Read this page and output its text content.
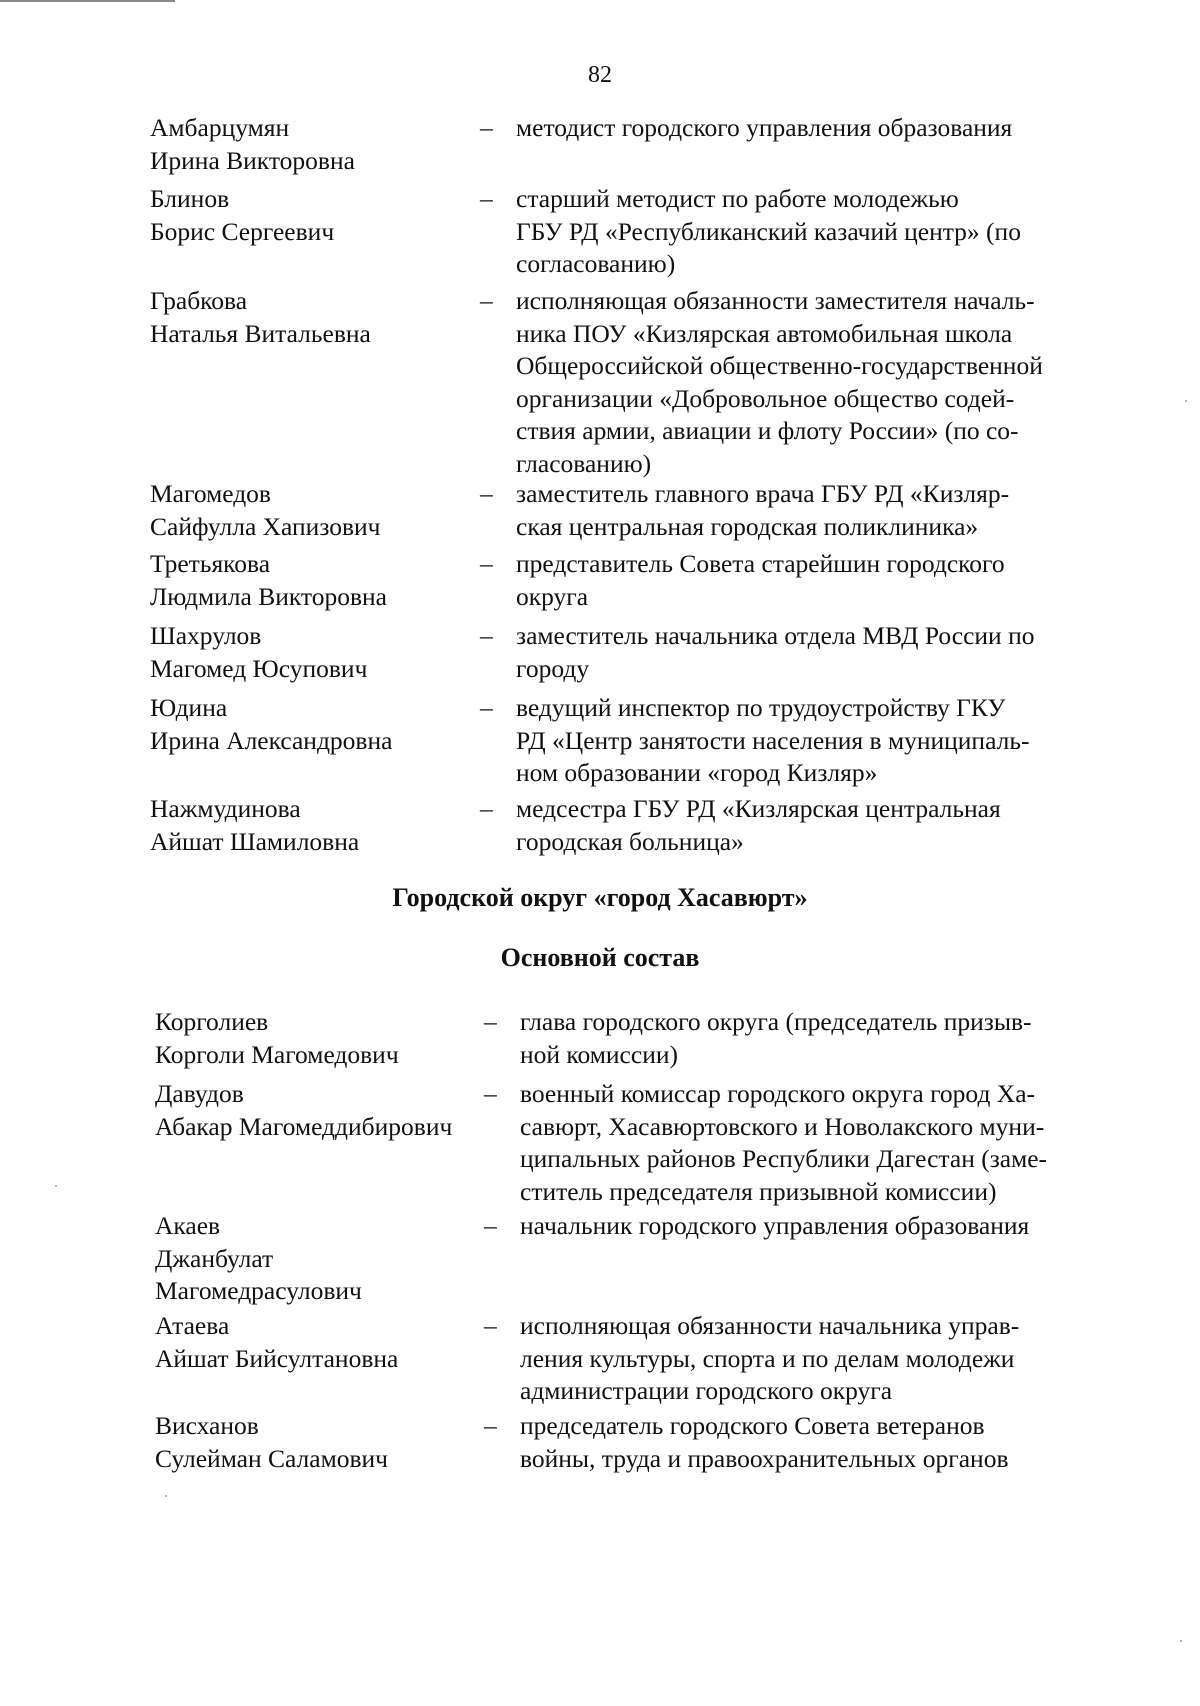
82
Амбарцумян
Ирина Викторовна
– методист городского управления образования
Блинов
Борис Сергеевич
– старший методист по работе молодежью
ГБУ РД «Республиканский казачий центр» (по
согласованию)
Грабкова
Наталья Витальевна
– исполняющая обязанности заместителя началь-
ника ПОУ «Кизлярская автомобильная школа
Общероссийской общественно-государственной
организации «Добровольное общество содей-
ствия армии, авиации и флоту России» (по со-
гласованию)
Магомедов
Сайфулла Хапизович
– заместитель главного врача ГБУ РД «Кизляр-
ская центральная городская поликлиника»
Третьякова
Людмила Викторовна
– представитель Совета старейшин городского
округа
Шахрулов
Магомед Юсупович
– заместитель начальника отдела МВД России по
городу
Юдина
Ирина Александровна
– ведущий инспектор по трудоустройству ГКУ
РД «Центр занятости населения в муниципаль-
ном образовании «город Кизляр»
Нажмудинова
Айшат Шамиловна
– медсестра ГБУ РД «Кизлярская центральная
городская больница»
Городской округ «город Хасавюрт»
Основной состав
Корголиев
Корголи Магомедович
– глава городского округа (председатель призыв-
ной комиссии)
Давудов
Абакар Магомеддибирович
– военный комиссар городского округа город Ха-
савюрт, Хасавюртовского и Новолакского муни-
ципальных районов Республики Дагестан (заме-
ститель председателя призывной комиссии)
Акаев
Джанбулат
Магомедрасулович
– начальник городского управления образования
Атаева
Айшат Бийсултановна
– исполняющая обязанности начальника управ-
ления культуры, спорта и по делам молодежи
администрации городского округа
Висханов
Сулейман Саламович
– председатель городского Совета ветеранов
войны, труда и правоохранительных органов
